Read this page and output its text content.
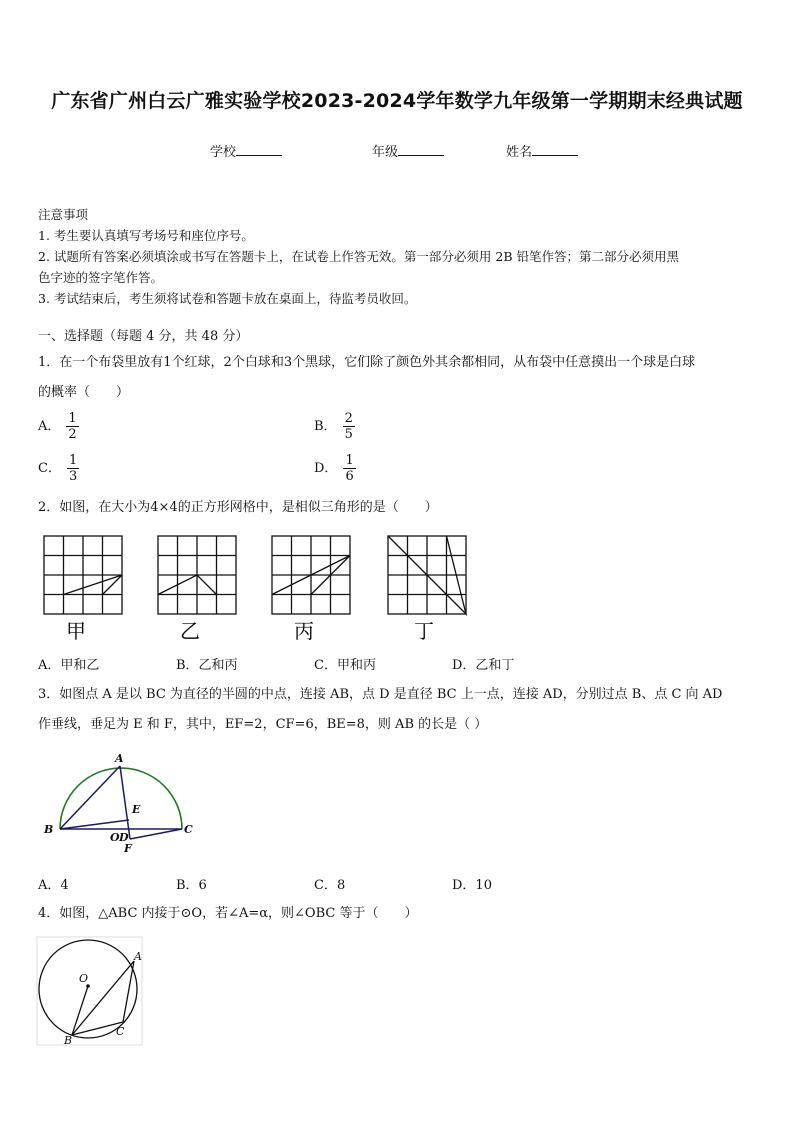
广东省广州白云广雅实验学校2023-2024学年数学九年级第一学期期末经典试题
学校	年级	姓名
注意事项
1. 考生要认真填写考场号和座位序号。
2. 试题所有答案必须填涂或书写在答题卡上，在试卷上作答无效。第一部分必须用 2B 铅笔作答；第二部分必须用黑
色字迹的签字笔作答。
3. 考试结束后，考生须将试卷和答题卡放在桌面上，待监考员收回。
一、选择题（每题 4 分，共 48 分）
1．在一个布袋里放有1个红球，2个白球和3个黑球，它们除了颜色外其余都相同，从布袋中任意摸出一个球是白球
的概率（　　）
A． $\frac{1}{2}$	B． $\frac{2}{5}$
C． $\frac{1}{3}$	D． $\frac{1}{6}$
2．如图，在大小为4×4的正方形网格中，是相似三角形的是（　　）
甲	乙	丙	丁
A．甲和乙	B．乙和丙	C．甲和丙	D．乙和丁
3．如图点 A 是以 BC 为直径的半圆的中点，连接 AB，点 D 是直径 BC 上一点，连接 AD，分别过点 B、点 C 向 AD
作垂线，垂足为 E 和 F，其中，EF=2，CF=6，BE=8，则 AB 的长是（ ）
A
B	C
E
O D
F
A．4	B．6	C．8	D．10
4．如图，△ABC 内接于⊙O，若∠A=α，则∠OBC 等于（　　）
O
A
B
C
